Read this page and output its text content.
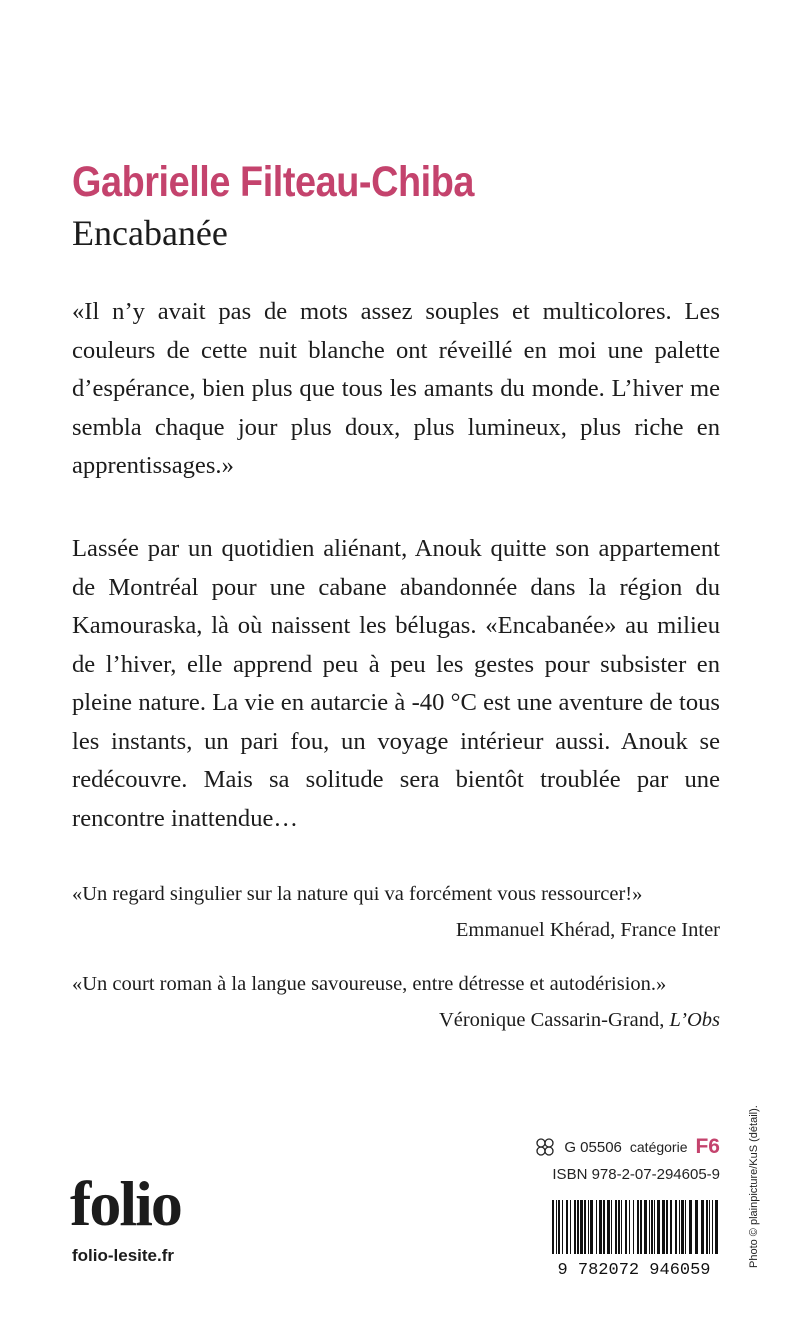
Gabrielle Filteau-Chiba
Encabanée

«Il n’y avait pas de mots assez souples et multicolores. Les couleurs de cette nuit blanche ont réveillé en moi une palette d’espérance, bien plus que tous les amants du monde. L’hiver me sembla chaque jour plus doux, plus lumineux, plus riche en apprentissages.»

Lassée par un quotidien aliénant, Anouk quitte son appartement de Montréal pour une cabane abandonnée dans la région du Kamouraska, là où naissent les bélugas. «Encabanée» au milieu de l’hiver, elle apprend peu à peu les gestes pour subsister en pleine nature. La vie en autarcie à -40 °C est une aventure de tous les instants, un pari fou, un voyage intérieur aussi. Anouk se redécouvre. Mais sa solitude sera bientôt troublée par une rencontre inattendue…

«Un regard singulier sur la nature qui va forcément vous ressourcer!»
Emmanuel Khérad, France Inter
«Un court roman à la langue savoureuse, entre détresse et autodérision.»
Véronique Cassarin-Grand, L’Obs
G 05506 catégorie F6
ISBN 978-2-07-294605-9
9 782072 946059
folio
folio-lesite.fr	Photo © plainpicture/KuS (détail).
